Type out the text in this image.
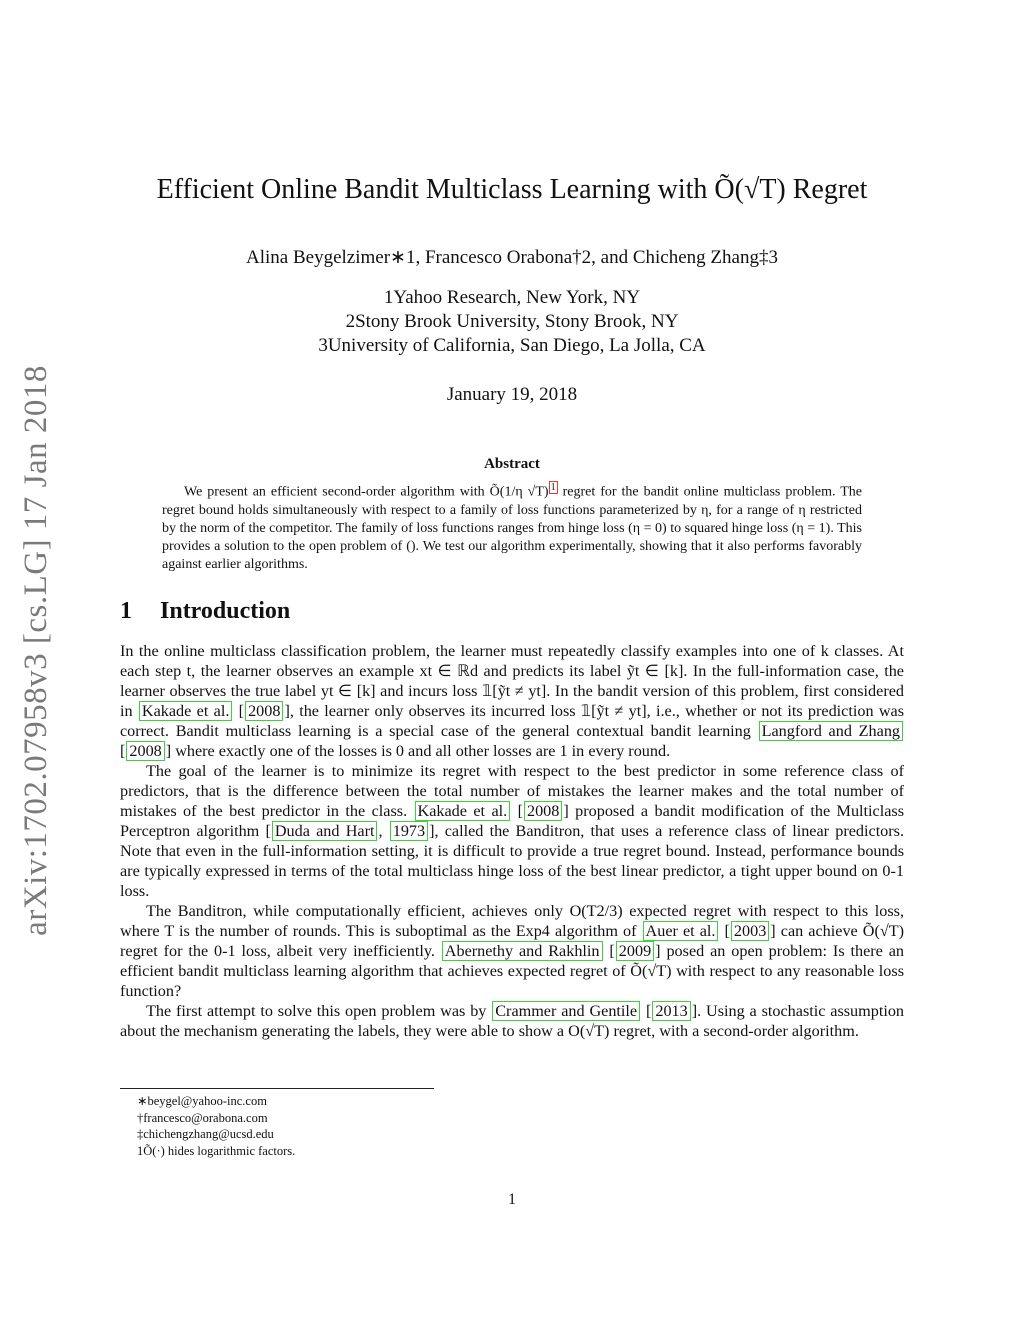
arXiv:1702.07958v3 [cs.LG] 17 Jan 2018
Efficient Online Bandit Multiclass Learning with Õ(√T) Regret
Alina Beygelzimer∗1, Francesco Orabona†2, and Chicheng Zhang‡3
1Yahoo Research, New York, NY
2Stony Brook University, Stony Brook, NY
3University of California, San Diego, La Jolla, CA
January 19, 2018
Abstract

We present an efficient second-order algorithm with Õ(1/η √T) $^1$ regret for the bandit online multiclass problem. The regret bound holds simultaneously with respect to a family of loss functions parameterized by η, for a range of η restricted by the norm of the competitor. The family of loss functions ranges from hinge loss (η = 0) to squared hinge loss (η = 1). This provides a solution to the open problem of (). We test our algorithm experimentally, showing that it also performs favorably against earlier algorithms.

1 Introduction

In the online multiclass classification problem, the learner must repeatedly classify examples into one of k classes. At each step t, the learner observes an example xt ∈ ℝd and predicts its label ỹt ∈ [k]. In the full-information case, the learner observes the true label yt ∈ [k] and incurs loss 𝟙[ỹt ≠ yt]. In the bandit version of this problem, first considered in Kakade et al. [ 2008 ], the learner only observes its incurred loss 𝟙[ỹt ≠ yt], i.e., whether or not its prediction was correct. Bandit multiclass learning is a special case of the general contextual bandit learning Langford and Zhang [ 2008 ] where exactly one of the losses is 0 and all other losses are 1 in every round.

The goal of the learner is to minimize its regret with respect to the best predictor in some reference class of predictors, that is the difference between the total number of mistakes the learner makes and the total number of mistakes of the best predictor in the class. Kakade et al. [ 2008 ] proposed a bandit modification of the Multiclass Perceptron algorithm [ Duda and Hart , 1973 ], called the Banditron, that uses a reference class of linear predictors. Note that even in the full-information setting, it is difficult to provide a true regret bound. Instead, performance bounds are typically expressed in terms of the total multiclass hinge loss of the best linear predictor, a tight upper bound on 0-1 loss.

The Banditron, while computationally efficient, achieves only O(T2/3) expected regret with respect to this loss, where T is the number of rounds. This is suboptimal as the Exp4 algorithm of Auer et al. [ 2003 ] can achieve Õ(√T) regret for the 0-1 loss, albeit very inefficiently. Abernethy and Rakhlin [ 2009 ] posed an open problem: Is there an efficient bandit multiclass learning algorithm that achieves expected regret of Õ(√T) with respect to any reasonable loss function?

The first attempt to solve this open problem was by Crammer and Gentile [ 2013 ]. Using a stochastic assumption about the mechanism generating the labels, they were able to show a O(√T) regret, with a second-order algorithm.

∗beygel@yahoo-inc.com
†francesco@orabona.com
‡chichengzhang@ucsd.edu
1Õ(·) hides logarithmic factors.
1
